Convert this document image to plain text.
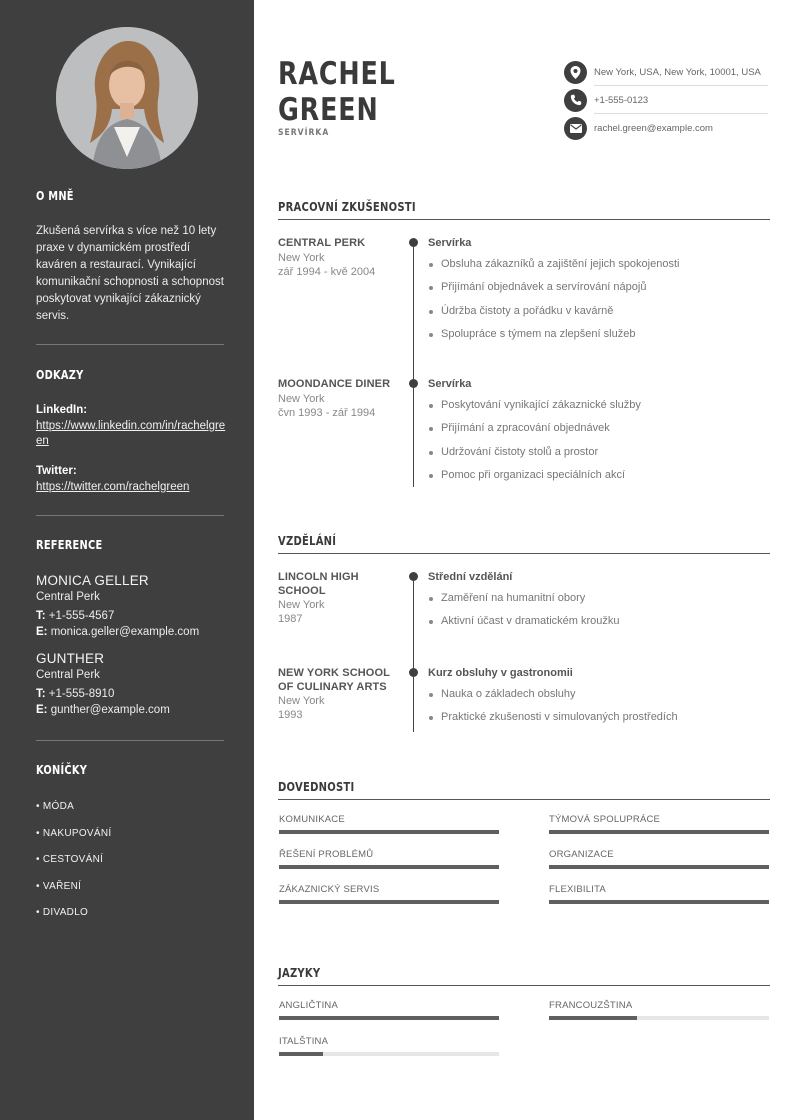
O MNĚ
Zkušená servírka s více než 10 lety praxe v dynamickém prostředí kaváren a restaurací. Vynikající komunikační schopnosti a schopnost poskytovat vynikající zákaznický servis.
ODKAZY
LinkedIn:
https://www.linkedin.com/in/rachelgreen
Twitter:
https://twitter.com/rachelgreen
REFERENCE
MONICA GELLER
Central Perk
T: +1-555-4567
E: monica.geller@example.com
GUNTHER
Central Perk
T: +1-555-8910
E: gunther@example.com
KONÍČKY
• MÓDA
• NAKUPOVÁNÍ
• CESTOVÁNÍ
• VAŘENÍ
• DIVADLO
RACHEL
GREEN
SERVÍRKA
New York, USA, New York, 10001, USA
+1-555-0123
rachel.green@example.com
PRACOVNÍ ZKUŠENOSTI
CENTRAL PERK
New York
zář 1994 - kvě 2004
Servírka
Obsluha zákazníků a zajištění jejich spokojenosti
Přijímání objednávek a servírování nápojů
Údržba čistoty a pořádku v kavárně
Spolupráce s týmem na zlepšení služeb
MOONDANCE DINER
New York
čvn 1993 - zář 1994
Servírka
Poskytování vynikající zákaznické služby
Přijímání a zpracování objednávek
Udržování čistoty stolů a prostor
Pomoc při organizaci speciálních akcí
VZDĚLÁNÍ
LINCOLN HIGH SCHOOL
New York
1987
Střední vzdělání
Zaměření na humanitní obory
Aktivní účast v dramatickém kroužku
NEW YORK SCHOOL OF CULINARY ARTS
New York
1993
Kurz obsluhy v gastronomii
Nauka o základech obsluhy
Praktické zkušenosti v simulovaných prostředích
DOVEDNOSTI
KOMUNIKACE	TÝMOVÁ SPOLUPRÁCE
ŘEŠENÍ PROBLÉMŮ	ORGANIZACE
ZÁKAZNICKÝ SERVIS	FLEXIBILITA
JAZYKY
ANGLIČTINA	FRANCOUZŠTINA
ITALŠTINA
